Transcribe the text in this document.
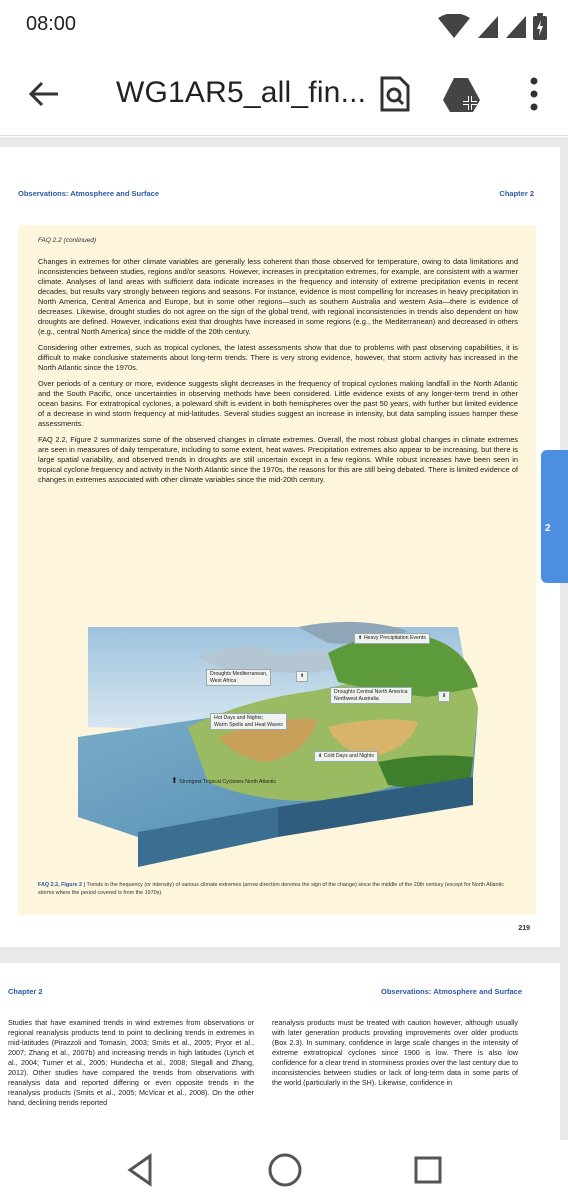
08:00
WG1AR5_all_fin...
Observations: Atmosphere and Surface	Chapter 2
FAQ 2.2 (continued)

Changes in extremes for other climate variables are generally less coherent than those observed for temperature, owing to data limitations and inconsistencies between studies, regions and/or seasons. However, increases in precipitation extremes, for example, are consistent with a warmer climate. Analyses of land areas with sufficient data indicate increases in the frequency and intensity of extreme precipitation events in recent decades, but results vary strongly between regions and seasons. For instance, evidence is most compelling for increases in heavy precipitation in North America, Central America and Europe, but in some other regions—such as southern Australia and western Asia—there is evidence of decreases. Likewise, drought studies do not agree on the sign of the global trend, with regional inconsistencies in trends also dependent on how droughts are defined. However, indications exist that droughts have increased in some regions (e.g., the Mediterranean) and decreased in others (e.g., central North America) since the middle of the 20th century.

Considering other extremes, such as tropical cyclones, the latest assessments show that due to problems with past observing capabilities, it is difficult to make conclusive statements about long-term trends. There is very strong evidence, however, that storm activity has increased in the North Atlantic since the 1970s.

Over periods of a century or more, evidence suggests slight decreases in the frequency of tropical cyclones making landfall in the North Atlantic and the South Pacific, once uncertainties in observing methods have been considered. Little evidence exists of any longer-term trend in other ocean basins. For extratropical cyclones, a poleward shift is evident in both hemispheres over the past 50 years, with further but limited evidence of a decrease in wind storm frequency at mid-latitudes. Several studies suggest an increase in intensity, but data sampling issues hamper these assessments.

FAQ 2.2, Figure 2 summarizes some of the observed changes in climate extremes. Overall, the most robust global changes in climate extremes are seen in measures of daily temperature, including to some extent, heat waves. Precipitation extremes also appear to be increasing, but there is large spatial variability, and observed trends in droughts are still uncertain except in a few regions. While robust increases have been seen in tropical cyclone frequency and activity in the North Atlantic since the 1970s, the reasons for this are still being debated. There is limited evidence of changes in extremes associated with other climate variables since the mid-20th century.

⬆ Heavy Precipitation Events
Droughts Mediterranean,
West Africa
⬆
Droughts Central North America
Northwest Australia	⬇
Hot Days and Nights;
Warm Spells and Heat Waves
⬇ Cold Days and Nights
⬆ Strongest Tropical Cyclones North Atlantic
FAQ 2.2, Figure 2 | Trends in the frequency (or intensity) of various climate extremes (arrow direction denotes the sign of the change) since the middle of the 20th century (except for North Atlantic storms where the period covered is from the 1970s).
219
2
Chapter 2	Observations: Atmosphere and Surface
Studies that have examined trends in wind extremes from observations or regional reanalysis products tend to point to declining trends in extremes in mid-latitudes (Pirazzoli and Tomasin, 2003; Smits et al., 2005; Pryor et al., 2007; Zhang et al., 2007b) and increasing trends in high latitudes (Lynch et al., 2004; Turner et al., 2005; Hundecha et al., 2008; Stegall and Zhang, 2012). Other studies have compared the trends from observations with reanalysis data and reported differing or even opposite trends in the reanalysis products (Smits et al., 2005; McVicar et al., 2008). On the other hand, declining trends reported
reanalysis products must be treated with caution however, although usually with later generation products providing improvements over older products (Box 2.3). In summary, confidence in large scale changes in the intensity of extreme extratropical cyclones since 1900 is low. There is also low confidence for a clear trend in storminess proxies over the last century due to inconsistencies between studies or lack of long-term data in some parts of the world (particularly in the SH). Likewise, confidence in
